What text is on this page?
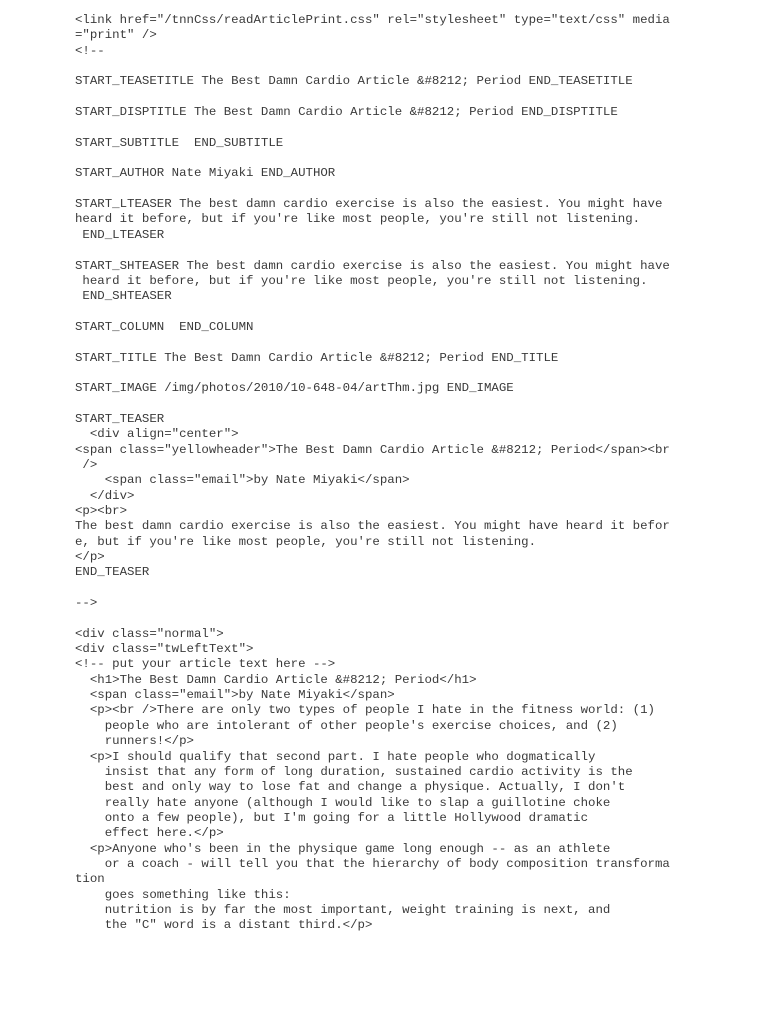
<link href="/tnnCss/readArticlePrint.css" rel="stylesheet" type="text/css" media
="print" />
<!--
START_TEASETITLE The Best Damn Cardio Article &#8212; Period END_TEASETITLE
START_DISPTITLE The Best Damn Cardio Article &#8212; Period END_DISPTITLE
START_SUBTITLE  END_SUBTITLE
START_AUTHOR Nate Miyaki END_AUTHOR
START_LTEASER The best damn cardio exercise is also the easiest. You might have
heard it before, but if you're like most people, you're still not listening.
END_LTEASER
START_SHTEASER The best damn cardio exercise is also the easiest. You might have
heard it before, but if you're like most people, you're still not listening.
END_SHTEASER
START_COLUMN  END_COLUMN
START_TITLE The Best Damn Cardio Article &#8212; Period END_TITLE
START_IMAGE /img/photos/2010/10-648-04/artThm.jpg END_IMAGE
START_TEASER
<div align="center">
<span class="yellowheader">The Best Damn Cardio Article &#8212; Period</span><br
/>
<span class="email">by Nate Miyaki</span>
</div>
<p><br>
The best damn cardio exercise is also the easiest. You might have heard it befor
e, but if you're like most people, you're still not listening.
</p>
END_TEASER
-->
<div class="normal">
<div class="twLeftText">
<!-- put your article text here -->
<h1>The Best Damn Cardio Article &#8212; Period</h1>
<span class="email">by Nate Miyaki</span>
<p><br />There are only two types of people I hate in the fitness world: (1)
people who are intolerant of other people's exercise choices, and (2)
runners!</p>
<p>I should qualify that second part. I hate people who dogmatically
insist that any form of long duration, sustained cardio activity is the
best and only way to lose fat and change a physique. Actually, I don't
really hate anyone (although I would like to slap a guillotine choke
onto a few people), but I'm going for a little Hollywood dramatic
effect here.</p>
<p>Anyone who's been in the physique game long enough -- as an athlete
or a coach - will tell you that the hierarchy of body composition transforma
tion
goes something like this:
nutrition is by far the most important, weight training is next, and
the "C" word is a distant third.</p>
